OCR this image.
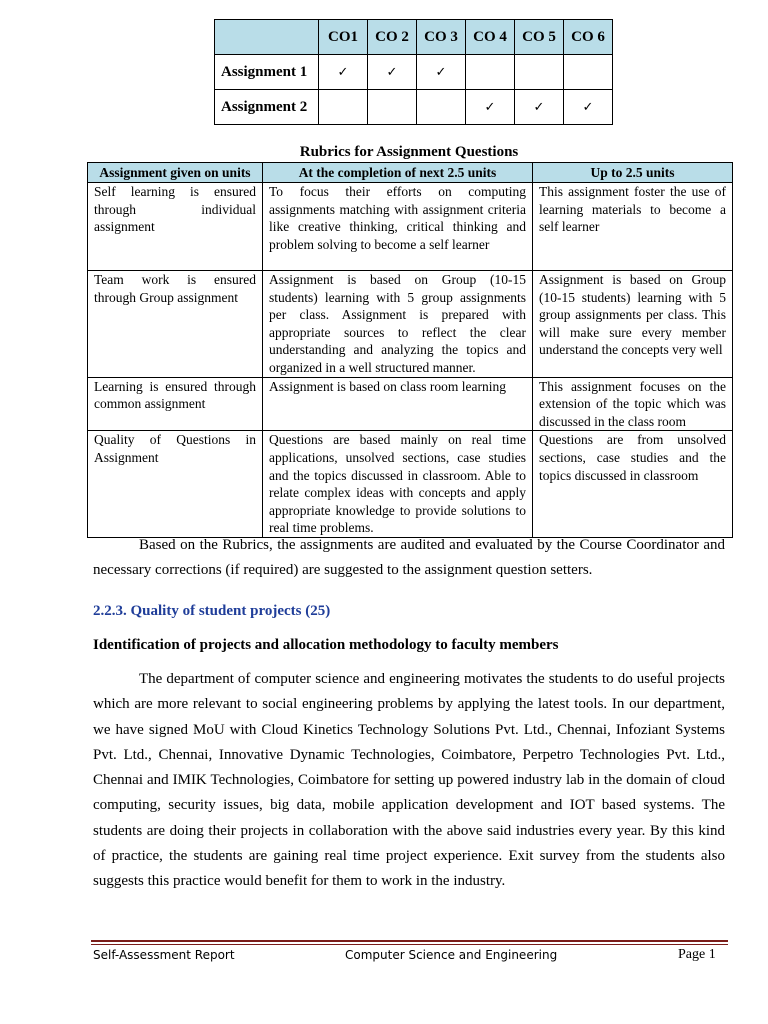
	CO1	CO 2	CO 3	CO 4	CO 5	CO 6
Assignment 1	✓	✓	✓			
Assignment 2				✓	✓	✓
Rubrics for Assignment Questions
Assignment given on units	At the completion of next 2.5 units	Up to 2.5 units
Self learning is ensured through individual assignment	To focus their efforts on computing assignments matching with assignment criteria like creative thinking, critical thinking and problem solving to become a self learner	This assignment foster the use of learning materials to become a self learner
Team work is ensured through Group assignment	Assignment is based on Group (10-15 students) learning with 5 group assignments per class. Assignment is prepared with appropriate sources to reflect the clear understanding and analyzing the topics and organized in a well structured manner.	Assignment is based on Group (10-15 students) learning with 5 group assignments per class. This will make sure every member understand the concepts very well
Learning is ensured through common assignment	Assignment is based on class room learning	This assignment focuses on the extension of the topic which was discussed in the class room
Quality of Questions in Assignment	Questions are based mainly on real time applications, unsolved sections, case studies and the topics discussed in classroom. Able to relate complex ideas with concepts and apply appropriate knowledge to provide solutions to real time problems.	Questions are from unsolved sections, case studies and the topics discussed in classroom

Based on the Rubrics, the assignments are audited and evaluated by the Course Coordinator and necessary corrections (if required) are suggested to the assignment question setters.

2.2.3. Quality of student projects (25)

Identification of projects and allocation methodology to faculty members

The department of computer science and engineering motivates the students to do useful projects which are more relevant to social engineering problems by applying the latest tools. In our department, we have signed MoU with Cloud Kinetics Technology Solutions Pvt. Ltd., Chennai, Infoziant Systems Pvt. Ltd., Chennai, Innovative Dynamic Technologies, Coimbatore, Perpetro Technologies Pvt. Ltd., Chennai and IMIK Technologies, Coimbatore for setting up powered industry lab in the domain of cloud computing, security issues, big data, mobile application development and IOT based systems. The students are doing their projects in collaboration with the above said industries every year. By this kind of practice, the students are gaining real time project experience. Exit survey from the students also suggests this practice would benefit for them to work in the industry.

Self-Assessment Report	Computer Science and Engineering	Page 1
